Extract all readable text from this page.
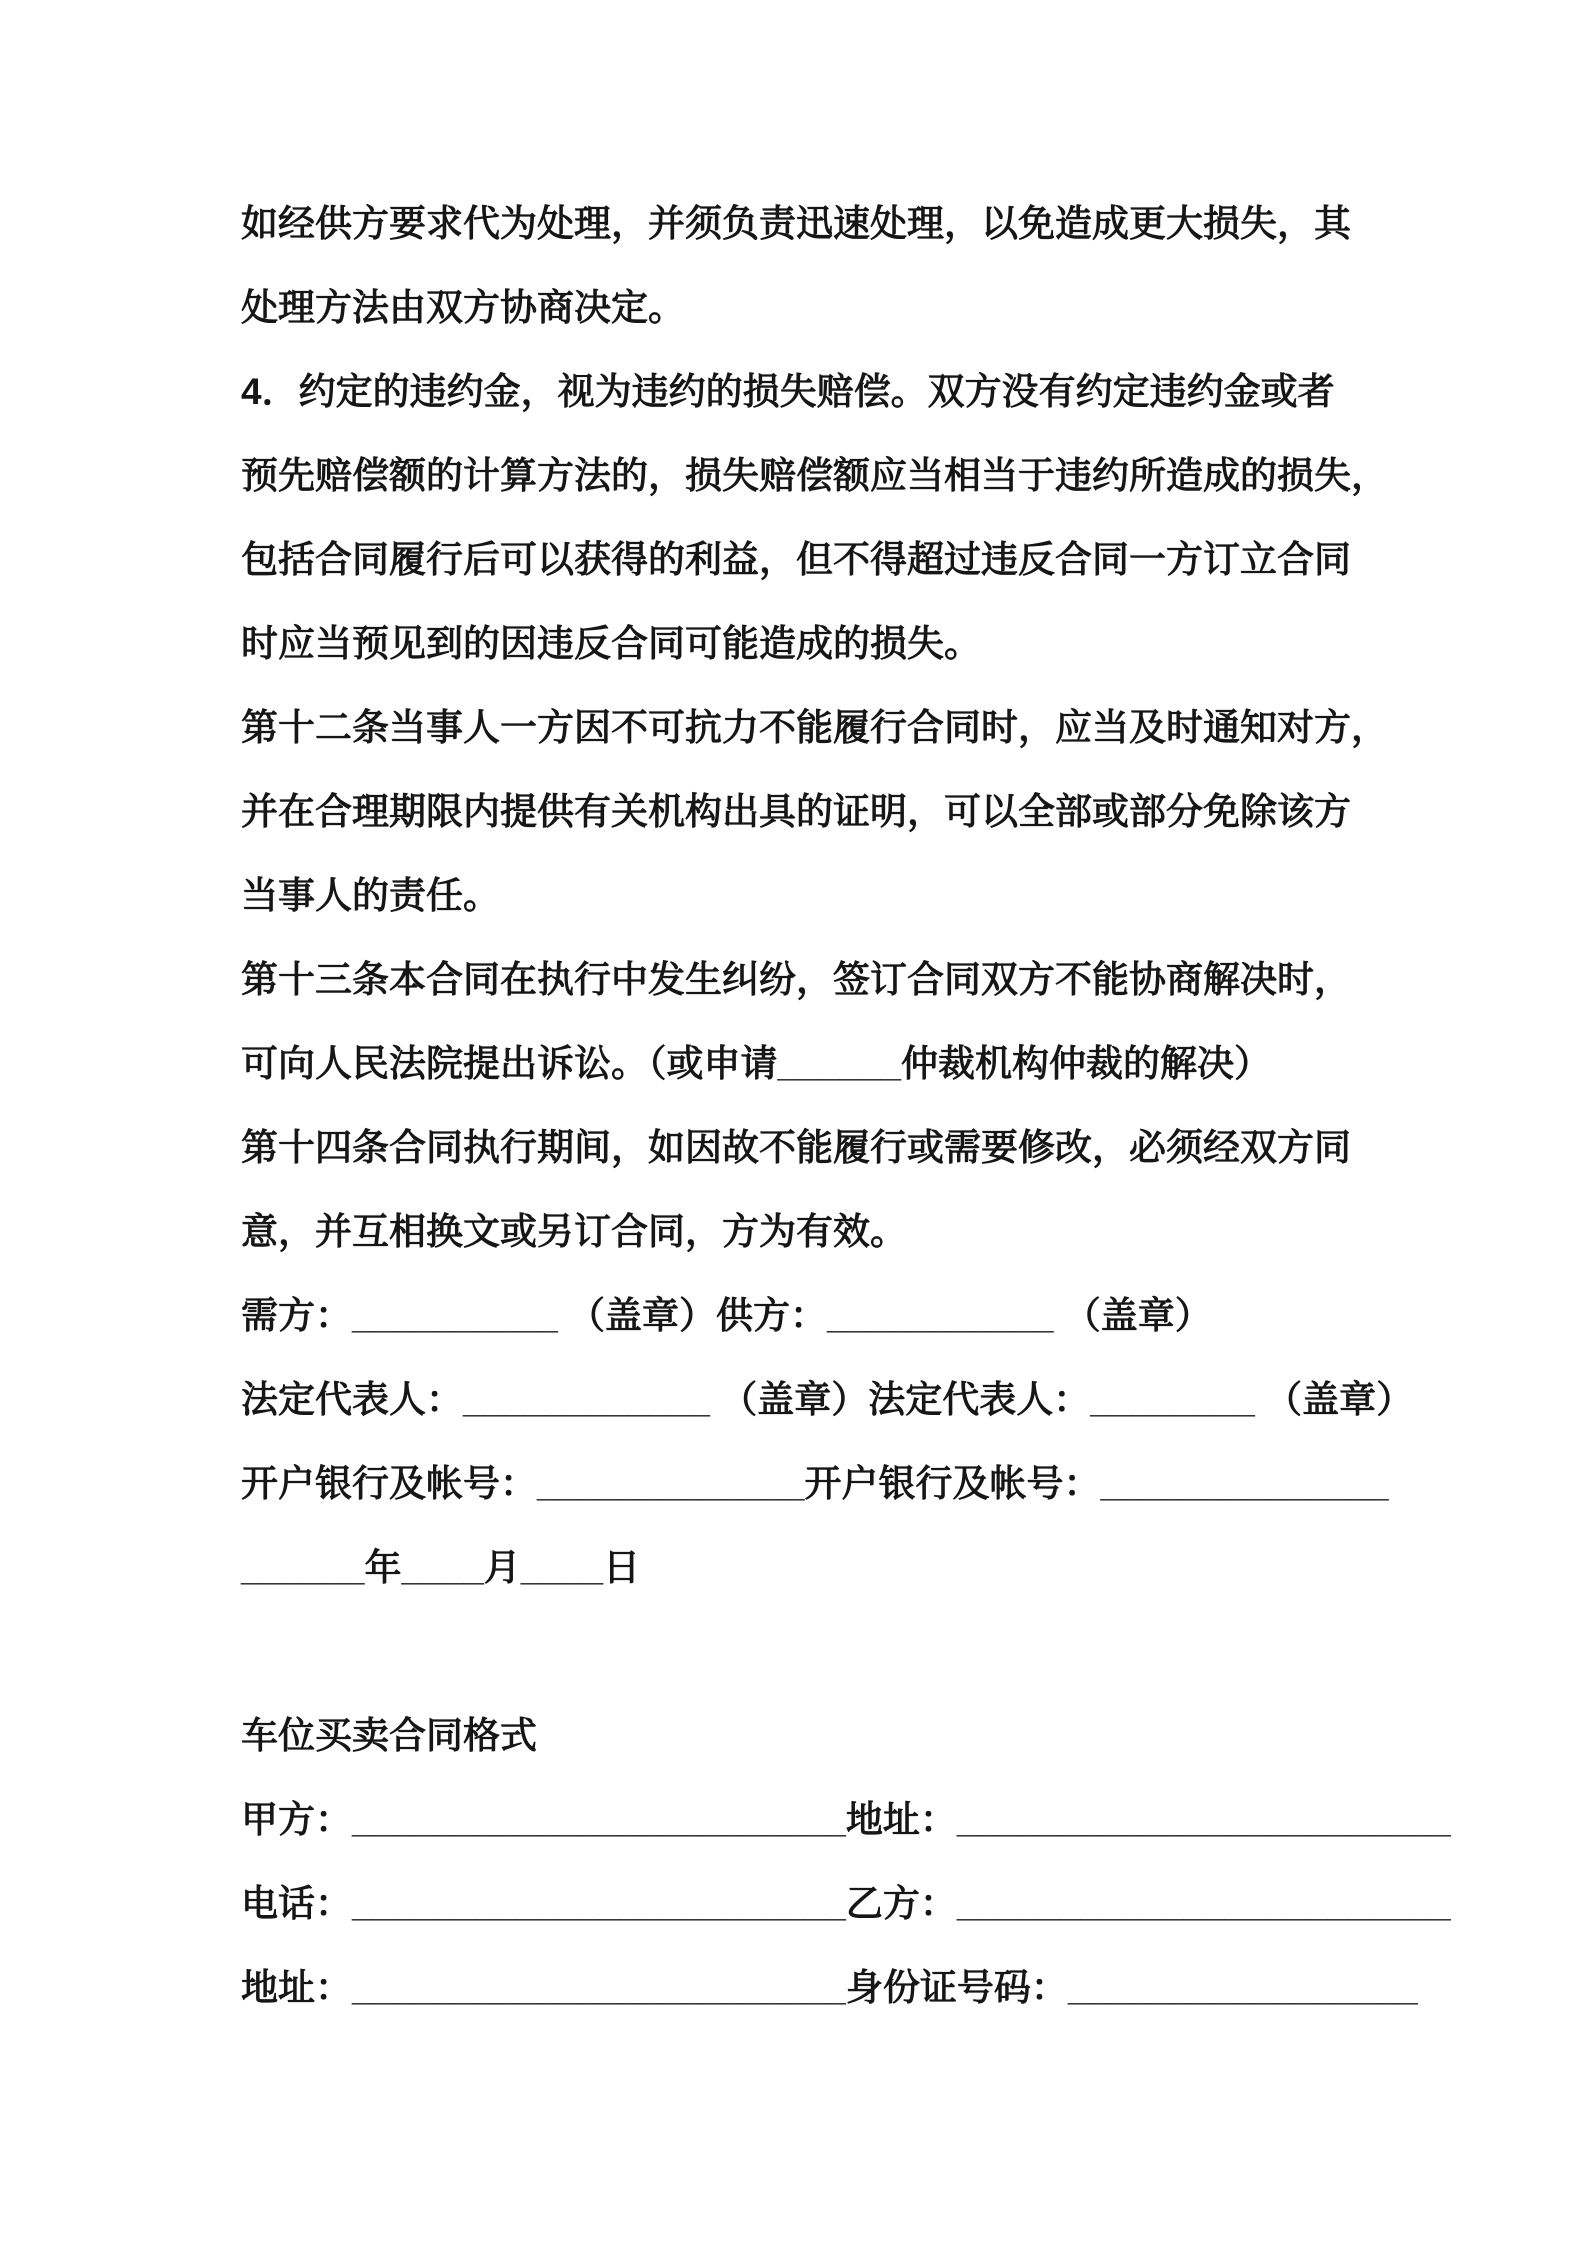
如经供方要求代为处理，并须负责迅速处理，以免造成更大损失，其
处理方法由双方协商决定。
4．约定的违约金，视为违约的损失赔偿。双方没有约定违约金或者
预先赔偿额的计算方法的，损失赔偿额应当相当于违约所造成的损失，
包括合同履行后可以获得的利益，但不得超过违反合同一方订立合同
时应当预见到的因违反合同可能造成的损失。
第十二条当事人一方因不可抗力不能履行合同时，应当及时通知对方，
并在合理期限内提供有关机构出具的证明，可以全部或部分免除该方
当事人的责任。
第十三条本合同在执行中发生纠纷，签订合同双方不能协商解决时，
可向人民法院提出诉讼。（或申请______仲裁机构仲裁的解决）
第十四条合同执行期间，如因故不能履行或需要修改，必须经双方同
意，并互相换文或另订合同，方为有效。
需方：__________ （盖章）供方：___________ （盖章）
法定代表人：____________ （盖章）法定代表人：________ （盖章）
开户银行及帐号：_____________开户银行及帐号：______________
______年____月____日
车位买卖合同格式
甲方：________________________地址：________________________
电话：________________________乙方：________________________
地址：________________________身份证号码：_________________
